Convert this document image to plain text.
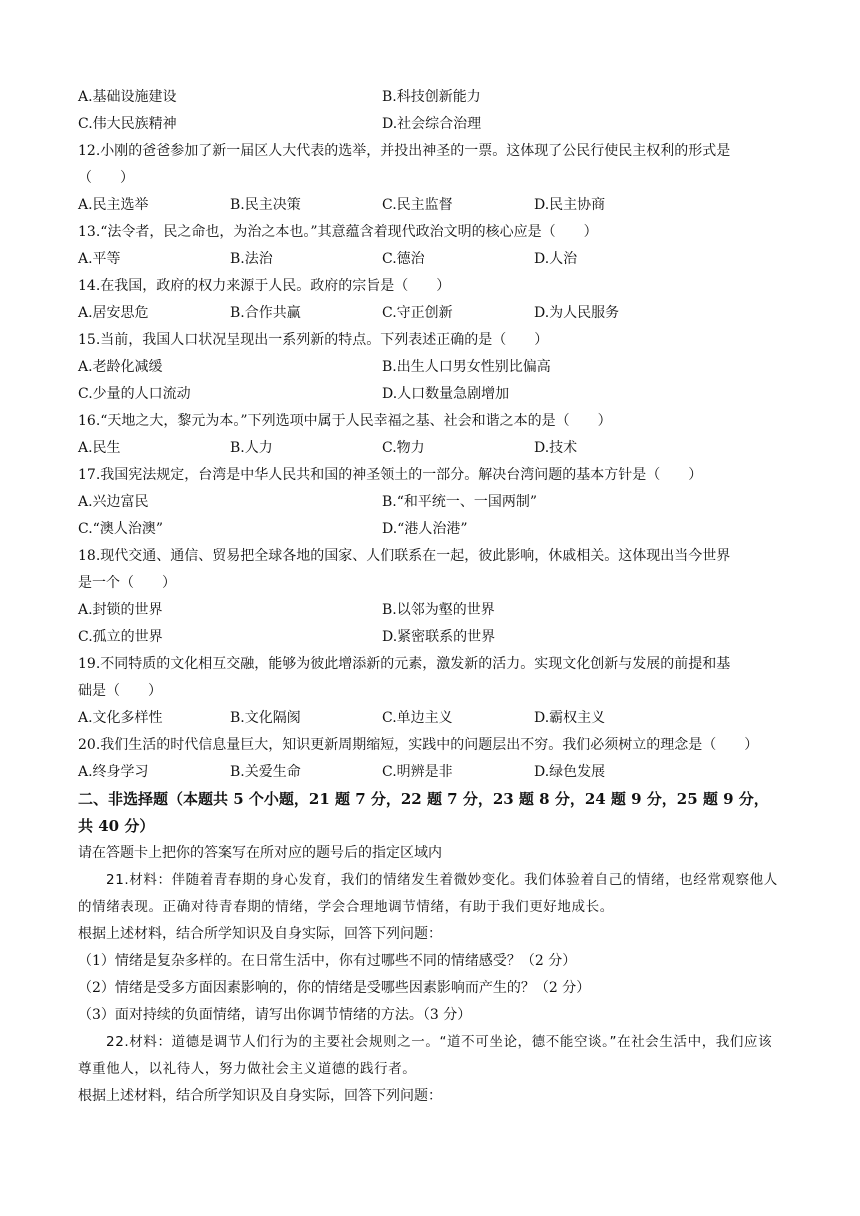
A.基础设施建设	B.科技创新能力
C.伟大民族精神	D.社会综合治理
12.小刚的爸爸参加了新一届区人大代表的选举，并投出神圣的一票。这体现了公民行使民主权利的形式是
（　　）
A.民主选举	B.民主决策	C.民主监督	D.民主协商
13.“法令者，民之命也，为治之本也。”其意蕴含着现代政治文明的核心应是（　　）
A.平等	B.法治	C.德治	D.人治
14.在我国，政府的权力来源于人民。政府的宗旨是（　　）
A.居安思危	B.合作共赢	C.守正创新	D.为人民服务
15.当前，我国人口状况呈现出一系列新的特点。下列表述正确的是（　　）
A.老龄化减缓	B.出生人口男女性别比偏高
C.少量的人口流动	D.人口数量急剧增加
16.“天地之大，黎元为本。”下列选项中属于人民幸福之基、社会和谐之本的是（　　）
A.民生	B.人力	C.物力	D.技术
17.我国宪法规定，台湾是中华人民共和国的神圣领土的一部分。解决台湾问题的基本方针是（　　）
A.兴边富民	B.“和平统一、一国两制”
C.“澳人治澳”	D.“港人治港”
18.现代交通、通信、贸易把全球各地的国家、人们联系在一起，彼此影响，休戚相关。这体现出当今世界
是一个（　　）
A.封锁的世界	B.以邻为壑的世界
C.孤立的世界	D.紧密联系的世界
19.不同特质的文化相互交融，能够为彼此增添新的元素，激发新的活力。实现文化创新与发展的前提和基
础是（　　）
A.文化多样性	B.文化隔阂	C.单边主义	D.霸权主义
20.我们生活的时代信息量巨大，知识更新周期缩短，实践中的问题层出不穷。我们必须树立的理念是（　　）
A.终身学习	B.关爱生命	C.明辨是非	D.绿色发展
二、非选择题（本题共 5 个小题，21 题 7 分，22 题 7 分，23 题 8 分，24 题 9 分，25 题 9 分，共 40 分）
请在答题卡上把你的答案写在所对应的题号后的指定区域内
21.材料：伴随着青春期的身心发育，我们的情绪发生着微妙变化。我们体验着自己的情绪，也经常观察他人的情绪表现。正确对待青春期的情绪，学会合理地调节情绪，有助于我们更好地成长。
根据上述材料，结合所学知识及自身实际，回答下列问题：
（1）情绪是复杂多样的。在日常生活中，你有过哪些不同的情绪感受？（2 分）
（2）情绪是受多方面因素影响的，你的情绪是受哪些因素影响而产生的？（2 分）
（3）面对持续的负面情绪，请写出你调节情绪的方法。（3 分）
22.材料：道德是调节人们行为的主要社会规则之一。“道不可坐论，德不能空谈。”在社会生活中，我们应该尊重他人，以礼待人，努力做社会主义道德的践行者。
根据上述材料，结合所学知识及自身实际，回答下列问题：
